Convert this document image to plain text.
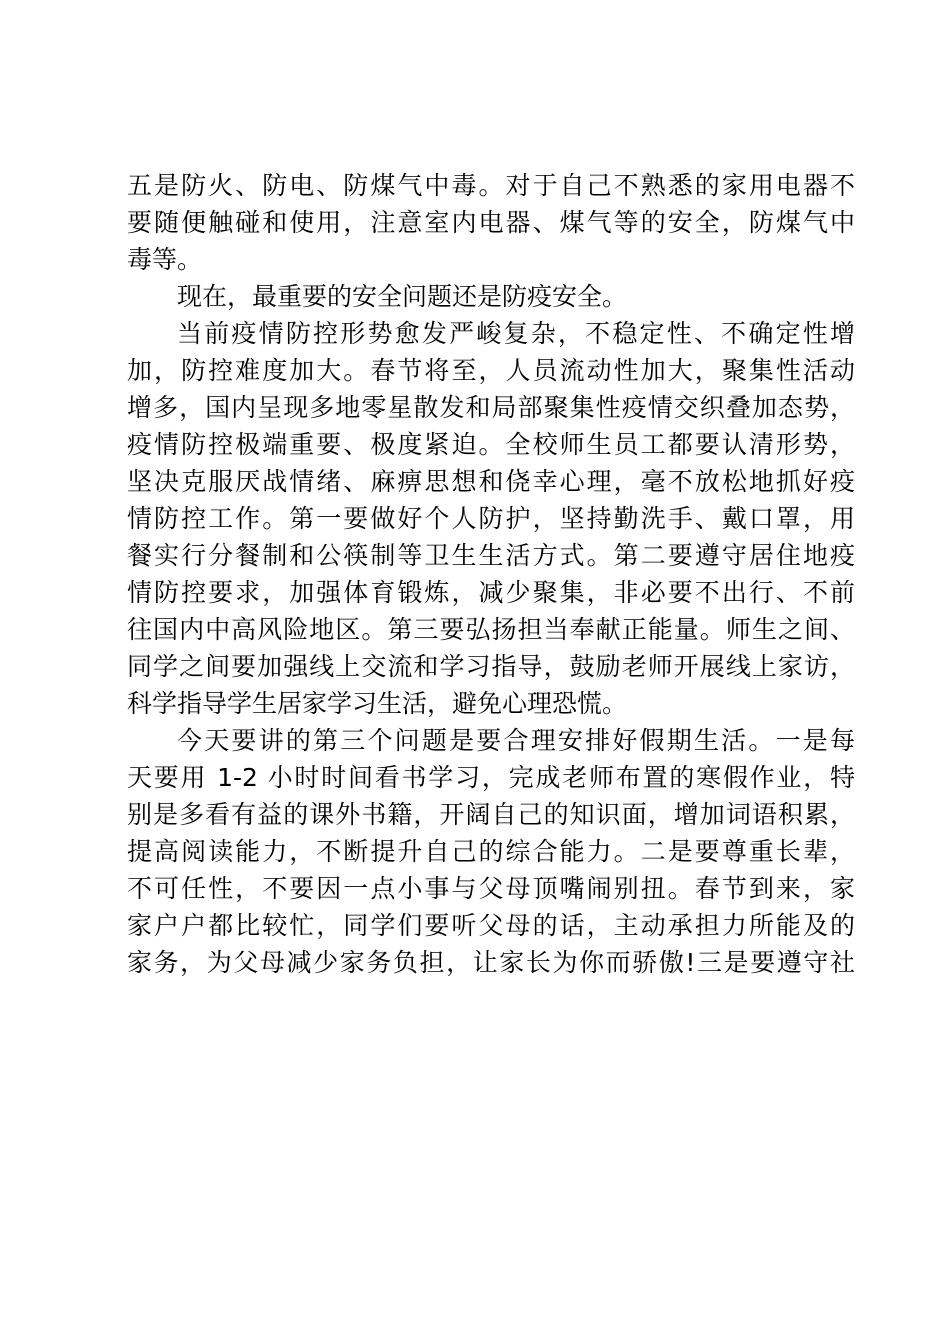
五是防火、防电、防煤气中毒。对于自己不熟悉的家用电器不

要随便触碰和使用，注意室内电器、煤气等的安全，防煤气中

毒等。

现在，最重要的安全问题还是防疫安全。

当前疫情防控形势愈发严峻复杂，不稳定性、不确定性增

加，防控难度加大。春节将至，人员流动性加大，聚集性活动

增多，国内呈现多地零星散发和局部聚集性疫情交织叠加态势，

疫情防控极端重要、极度紧迫。全校师生员工都要认清形势，

坚决克服厌战情绪、麻痹思想和侥幸心理，毫不放松地抓好疫

情防控工作。第一要做好个人防护，坚持勤洗手、戴口罩，用

餐实行分餐制和公筷制等卫生生活方式。第二要遵守居住地疫

情防控要求，加强体育锻炼，减少聚集，非必要不出行、不前

往国内中高风险地区。第三要弘扬担当奉献正能量。师生之间、

同学之间要加强线上交流和学习指导，鼓励老师开展线上家访，

科学指导学生居家学习生活，避免心理恐慌。

今天要讲的第三个问题是要合理安排好假期生活。一是每

天要用 1-2 小时时间看书学习，完成老师布置的寒假作业，特

别是多看有益的课外书籍，开阔自己的知识面，增加词语积累，

提高阅读能力，不断提升自己的综合能力。二是要尊重长辈，

不可任性，不要因一点小事与父母顶嘴闹别扭。春节到来，家

家户户都比较忙，同学们要听父母的话，主动承担力所能及的

家务，为父母减少家务负担，让家长为你而骄傲!三是要遵守社
